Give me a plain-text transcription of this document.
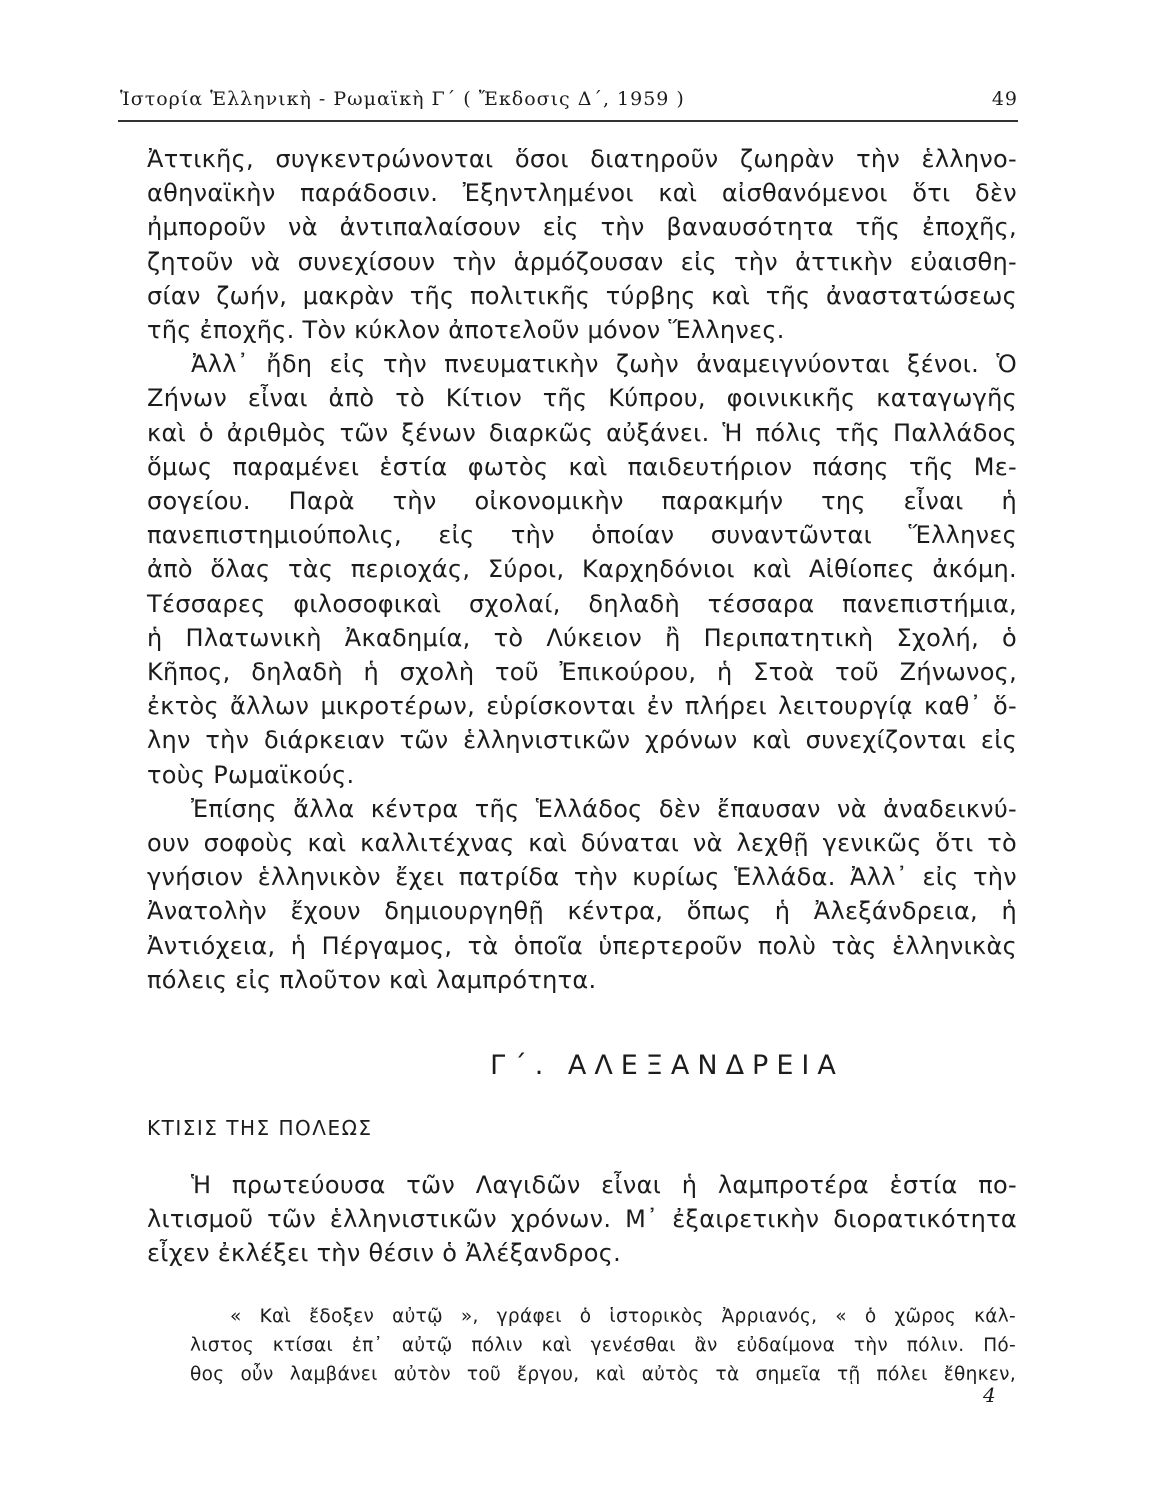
Ἱστορία Ἑλληνικὴ - Ρωμαϊκὴ Γ΄ ( Ἔκδοσις Δ΄, 1959 )	49

Ἀττικῆς, συγκεντρώνονται ὅσοι διατηροῦν ζωηρὰν τὴν ἑλληνο-
αθηναϊκὴν παράδοσιν. Ἐξηντλημένοι καὶ αἰσθανόμενοι ὅτι δὲν
ἠμποροῦν νὰ ἀντιπαλαίσουν εἰς τὴν βαναυσότητα τῆς ἐποχῆς,
ζητοῦν νὰ συνεχίσουν τὴν ἁρμόζουσαν εἰς τὴν ἀττικὴν εὐαισθη-
σίαν ζωήν, μακρὰν τῆς πολιτικῆς τύρβης καὶ τῆς ἀναστατώσεως
τῆς ἐποχῆς. Τὸν κύκλον ἀποτελοῦν μόνον Ἕλληνες.

Ἀλλ᾽ ἤδη εἰς τὴν πνευματικὴν ζωὴν ἀναμειγνύονται ξένοι. Ὁ
Ζήνων εἶναι ἀπὸ τὸ Κίτιον τῆς Κύπρου, φοινικικῆς καταγωγῆς
καὶ ὁ ἀριθμὸς τῶν ξένων διαρκῶς αὐξάνει. Ἡ πόλις τῆς Παλλάδος
ὅμως παραμένει ἑστία φωτὸς καὶ παιδευτήριον πάσης τῆς Με-
σογείου. Παρὰ τὴν οἰκονομικὴν παρακμήν της εἶναι ἡ
πανεπιστημιούπολις, εἰς τὴν ὁποίαν συναντῶνται Ἕλληνες
ἀπὸ ὅλας τὰς περιοχάς, Σύροι, Καρχηδόνιοι καὶ Αἰθίοπες ἀκόμη.
Τέσσαρες φιλοσοφικαὶ σχολαί, δηλαδὴ τέσσαρα πανεπιστήμια,
ἡ Πλατωνικὴ Ἀκαδημία, τὸ Λύκειον ἢ Περιπατητικὴ Σχολή, ὁ
Κῆπος, δηλαδὴ ἡ σχολὴ τοῦ Ἐπικούρου, ἡ Στοὰ τοῦ Ζήνωνος,
ἐκτὸς ἄλλων μικροτέρων, εὑρίσκονται ἐν πλήρει λειτουργίᾳ καθ᾽ ὅ-
λην τὴν διάρκειαν τῶν ἑλληνιστικῶν χρόνων καὶ συνεχίζονται εἰς
τοὺς Ρωμαϊκούς.

Ἐπίσης ἄλλα κέντρα τῆς Ἑλλάδος δὲν ἔπαυσαν νὰ ἀναδεικνύ-
ουν σοφοὺς καὶ καλλιτέχνας καὶ δύναται νὰ λεχθῇ γενικῶς ὅτι τὸ
γνήσιον ἑλληνικὸν ἔχει πατρίδα τὴν κυρίως Ἑλλάδα. Ἀλλ᾽ εἰς τὴν
Ἀνατολὴν ἔχουν δημιουργηθῇ κέντρα, ὅπως ἡ Ἀλεξάνδρεια, ἡ
Ἀντιόχεια, ἡ Πέργαμος, τὰ ὁποῖα ὑπερτεροῦν πολὺ τὰς ἑλληνικὰς
πόλεις εἰς πλοῦτον καὶ λαμπρότητα.

Γ΄. ΑΛΕΞΑΝΔΡΕΙΑ
ΚΤΙΣΙΣ ΤΗΣ ΠΟΛΕΩΣ

Ἡ πρωτεύουσα τῶν Λαγιδῶν εἶναι ἡ λαμπροτέρα ἑστία πο-
λιτισμοῦ τῶν ἑλληνιστικῶν χρόνων. Μ᾽ ἐξαιρετικὴν διορατικότητα
εἶχεν ἐκλέξει τὴν θέσιν ὁ Ἀλέξανδρος.

« Καὶ ἔδοξεν αὐτῷ », γράφει ὁ ἱστορικὸς Ἀρριανός, « ὁ χῶρος κάλ-
λιστος κτίσαι ἐπ᾽ αὐτῷ πόλιν καὶ γενέσθαι ἂν εὐδαίμονα τὴν πόλιν. Πό-
θος οὖν λαμβάνει αὐτὸν τοῦ ἔργου, καὶ αὐτὸς τὰ σημεῖα τῇ πόλει ἔθηκεν,
4
